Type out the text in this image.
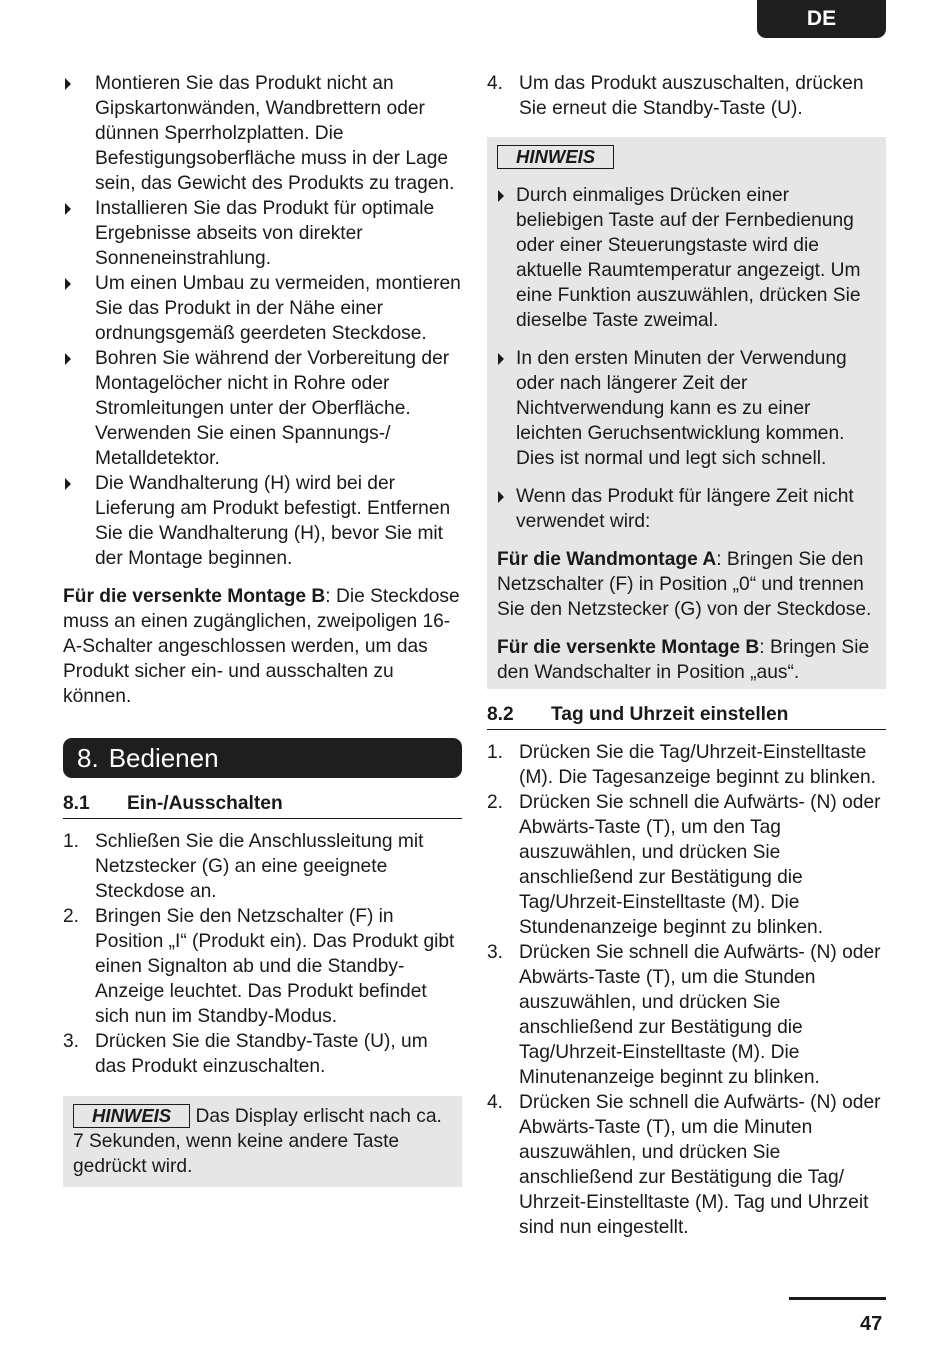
DE
Montieren Sie das Produkt nicht an Gipskartonwänden, Wandbrettern oder dünnen Sperrholzplatten. Die Befestigungsoberfläche muss in der Lage sein, das Gewicht des Produkts zu tragen.
Installieren Sie das Produkt für optimale Ergebnisse abseits von direkter Sonneneinstrahlung.
Um einen Umbau zu vermeiden, montieren Sie das Produkt in der Nähe einer ordnungsgemäß geerdeten Steckdose.
Bohren Sie während der Vorbereitung der Montagelöcher nicht in Rohre oder Stromleitungen unter der Oberfläche. Verwenden Sie einen Spannungs-/ Metalldetektor.
Die Wandhalterung (H) wird bei der Lieferung am Produkt befestigt. Entfernen Sie die Wandhalterung (H), bevor Sie mit der Montage beginnen.

Für die versenkte Montage B: Die Steckdose muss an einen zugänglichen, zweipoligen 16-A-Schalter angeschlossen werden, um das Produkt sicher ein- und ausschalten zu können.

8. Bedienen
8.1	Ein-/Ausschalten
1. Schließen Sie die Anschlussleitung mit Netzstecker (G) an eine geeignete Steckdose an.
2. Bringen Sie den Netzschalter (F) in Position „I“ (Produkt ein). Das Produkt gibt einen Signalton ab und die Standby-Anzeige leuchtet. Das Produkt befindet sich nun im Standby-Modus.
3. Drücken Sie die Standby-Taste (U), um das Produkt einzuschalten.
HINWEIS Das Display erlischt nach ca. 7 Sekunden, wenn keine andere Taste gedrückt wird.
4. Um das Produkt auszuschalten, drücken Sie erneut die Standby-Taste (U).
HINWEIS
Durch einmaliges Drücken einer beliebigen Taste auf der Fernbedienung oder einer Steuerungstaste wird die aktuelle Raumtemperatur angezeigt. Um eine Funktion auszuwählen, drücken Sie dieselbe Taste zweimal.
In den ersten Minuten der Verwendung oder nach längerer Zeit der Nichtverwendung kann es zu einer leichten Geruchsentwicklung kommen. Dies ist normal und legt sich schnell.
Wenn das Produkt für längere Zeit nicht verwendet wird:

Für die Wandmontage A: Bringen Sie den Netzschalter (F) in Position „0“ und trennen Sie den Netzstecker (G) von der Steckdose.

Für die versenkte Montage B: Bringen Sie den Wandschalter in Position „aus“.

8.2	Tag und Uhrzeit einstellen
1. Drücken Sie die Tag/Uhrzeit-Einstelltaste (M). Die Tagesanzeige beginnt zu blinken.
2. Drücken Sie schnell die Aufwärts- (N) oder Abwärts-Taste (T), um den Tag auszuwählen, und drücken Sie anschließend zur Bestätigung die Tag/Uhrzeit-Einstelltaste (M). Die Stundenanzeige beginnt zu blinken.
3. Drücken Sie schnell die Aufwärts- (N) oder Abwärts-Taste (T), um die Stunden auszuwählen, und drücken Sie anschließend zur Bestätigung die Tag/Uhrzeit-Einstelltaste (M). Die Minutenanzeige beginnt zu blinken.
4. Drücken Sie schnell die Aufwärts- (N) oder Abwärts-Taste (T), um die Minuten auszuwählen, und drücken Sie anschließend zur Bestätigung die Tag/ Uhrzeit-Einstelltaste (M). Tag und Uhrzeit sind nun eingestellt.
47
